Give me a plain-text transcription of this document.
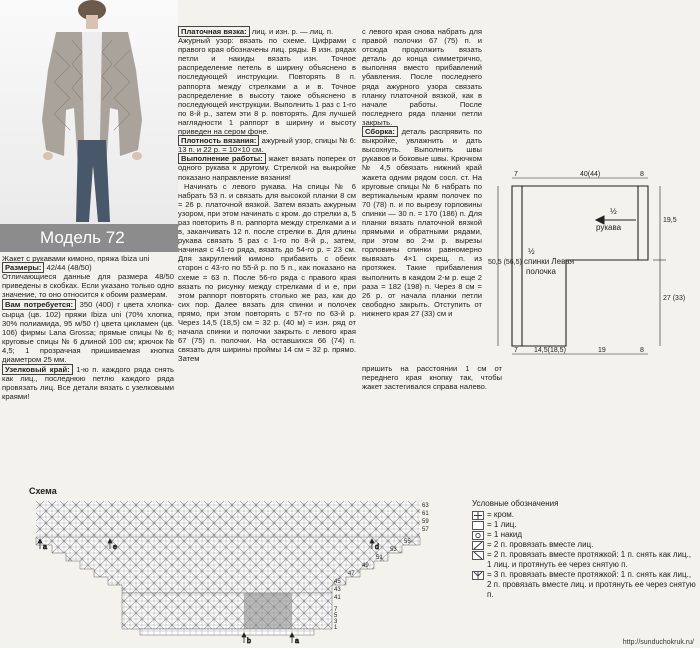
Модель 72
Жакет с рукавами кимоно, пряжа Ibiza uni
Размеры: 42/44 (48/50)
Отличающиеся данные для размера 48/50 приведены в скобках. Если указано только одно значение, то оно относится к обоим размерам.
Вам потребуется: 350 (400) г цвета хлопка-сырца (цв. 102) пряжи Ibiza uni (70% хлопка, 30% полиамида, 95 м/50 г) цвета цикламен (цв. 106) фирмы Lana Grossa; прямые спицы № 6; круговые спицы № 6 длиной 100 см; крючок № 4,5; 1 прозрачная пришиваемая кнопка диаметром 25 мм.
Узелковый край: 1-ю п. каждого ряда снять как лиц., последнюю петлю каждого ряда провязать лиц. Все детали вязать с узелковыми краями!
Платочная вязка: лиц. и изн. р. — лиц. п.
Ажурный узор: вязать по схеме. Цифрами с правого края обозначены лиц. ряды. В изн. рядах петли и накиды вязать изн. Точное распределение петель в ширину объяснено в последующей инструкции. Повторять 8 п. раппорта между стрелками а и в. Точное распределение в высоту также объяснено в последующей инструкции. Выполнить 1 раз с 1-го по 8-й р., затем эти 8 р. повторять. Для лучшей наглядности 1 раппорт в ширину и высоту приведен на сером фоне.
Плотность вязания: ажурный узор, спицы № 6: 13 п. и 22 р. = 10×10 см.
Выполнение работы: жакет вязать поперек от одного рукава к другому. Стрелкой на выкройке показано направление вязания!
Начинать с левого рукава. На спицы № 6 набрать 53 п. и связать для высокой планки 8 см = 26 р. платочной вязкой. Затем вязать ажурным узором, при этом начинать с кром. до стрелки а, 5 раз повторить 8 п. раппорта между стрелками а и в, заканчивать 12 п. после стрелки в. Для длины рукава связать 5 раз с 1-го по 8-й р., затем, начиная с 41-го ряда, вязать до 54-го р. = 23 см. Для закруглений кимоно прибавить с обеих сторон с 43-го по 55-й р. по 5 п., как показано на схеме = 63 п. После 56-го ряда с правого края вязать по рисунку между стрелками d и e, при этом раппорт повторять столько же раз, как до сих пор. Далее вязать для спинки и полочек прямо, при этом повторять с 57-го по 63-й р. Через 14,5 (18,5) см = 32 р. (40 м) = изн. ряд от начала спинки и полочки закрыть с левого края 67 (75) п. полочки. На оставшихся 66 (74) п. связать для ширины проймы 14 см = 32 р. прямо. Затем
с левого края снова набрать для правой полочки 67 (75) п. и отсюда продолжить вязать деталь до конца симметрично, выполняя вместо прибавлений убавления. После последнего ряда ажурного узора связать планку платочной вязкой, как в начале работы. После последнего ряда планки петли закрыть.
Сборка: деталь распрявить по выкройке, увлажнить и дать высохнуть. Выполнить швы рукавов и боковые швы. Крючком № 4,5 обвязать нижний край жакета одним рядом сосл. ст. На круговые спицы № 6 набрать по вертикальным краям полочек по 70 (78) п. и по вырезу горловины спинки — 30 п. = 170 (186) п. Для планки вязать платочной вязкой прямыми и обратными рядами, при этом во 2-м р. вырезы горловины спинки равномерно вывязать 4×1 скрещ. п. из протяжек. Такие прибавления выполнить в каждом 2-м р. еще 2 раза = 182 (198) п. Через 8 см = 26 р. от начала планки петли свободно закрыть. Отступить от нижнего края 27 (33) см и
пришить на расстоянии 1 см от переднего края кнопку так, чтобы жакет застегивался справа налево.
40(44)
7	8
50,5 (56,5)
19,5
27 (33)
½
рукава
½
спинки Левая
полочка
7 14,5(18,5)	19	8
Схема
63
61
59
57
55
53
51
49
47
45
43
41
7
5
3
1
a	e	d
b	a
Условные обозначения
= кром.
= 1 лиц.
= 1 накид
= 2 п. провязать вместе лиц.
= 2 п. провязать вместе протяжкой: 1 п. снять как лиц., 1 лиц. и протянуть ее через снятую п.
= 3 п. провязать вместе протяжкой: 1 п. снять как лиц., 2 п. провязать вместе лиц. и протянуть ее через снятую п.
http://sunduchokruk.ru/
